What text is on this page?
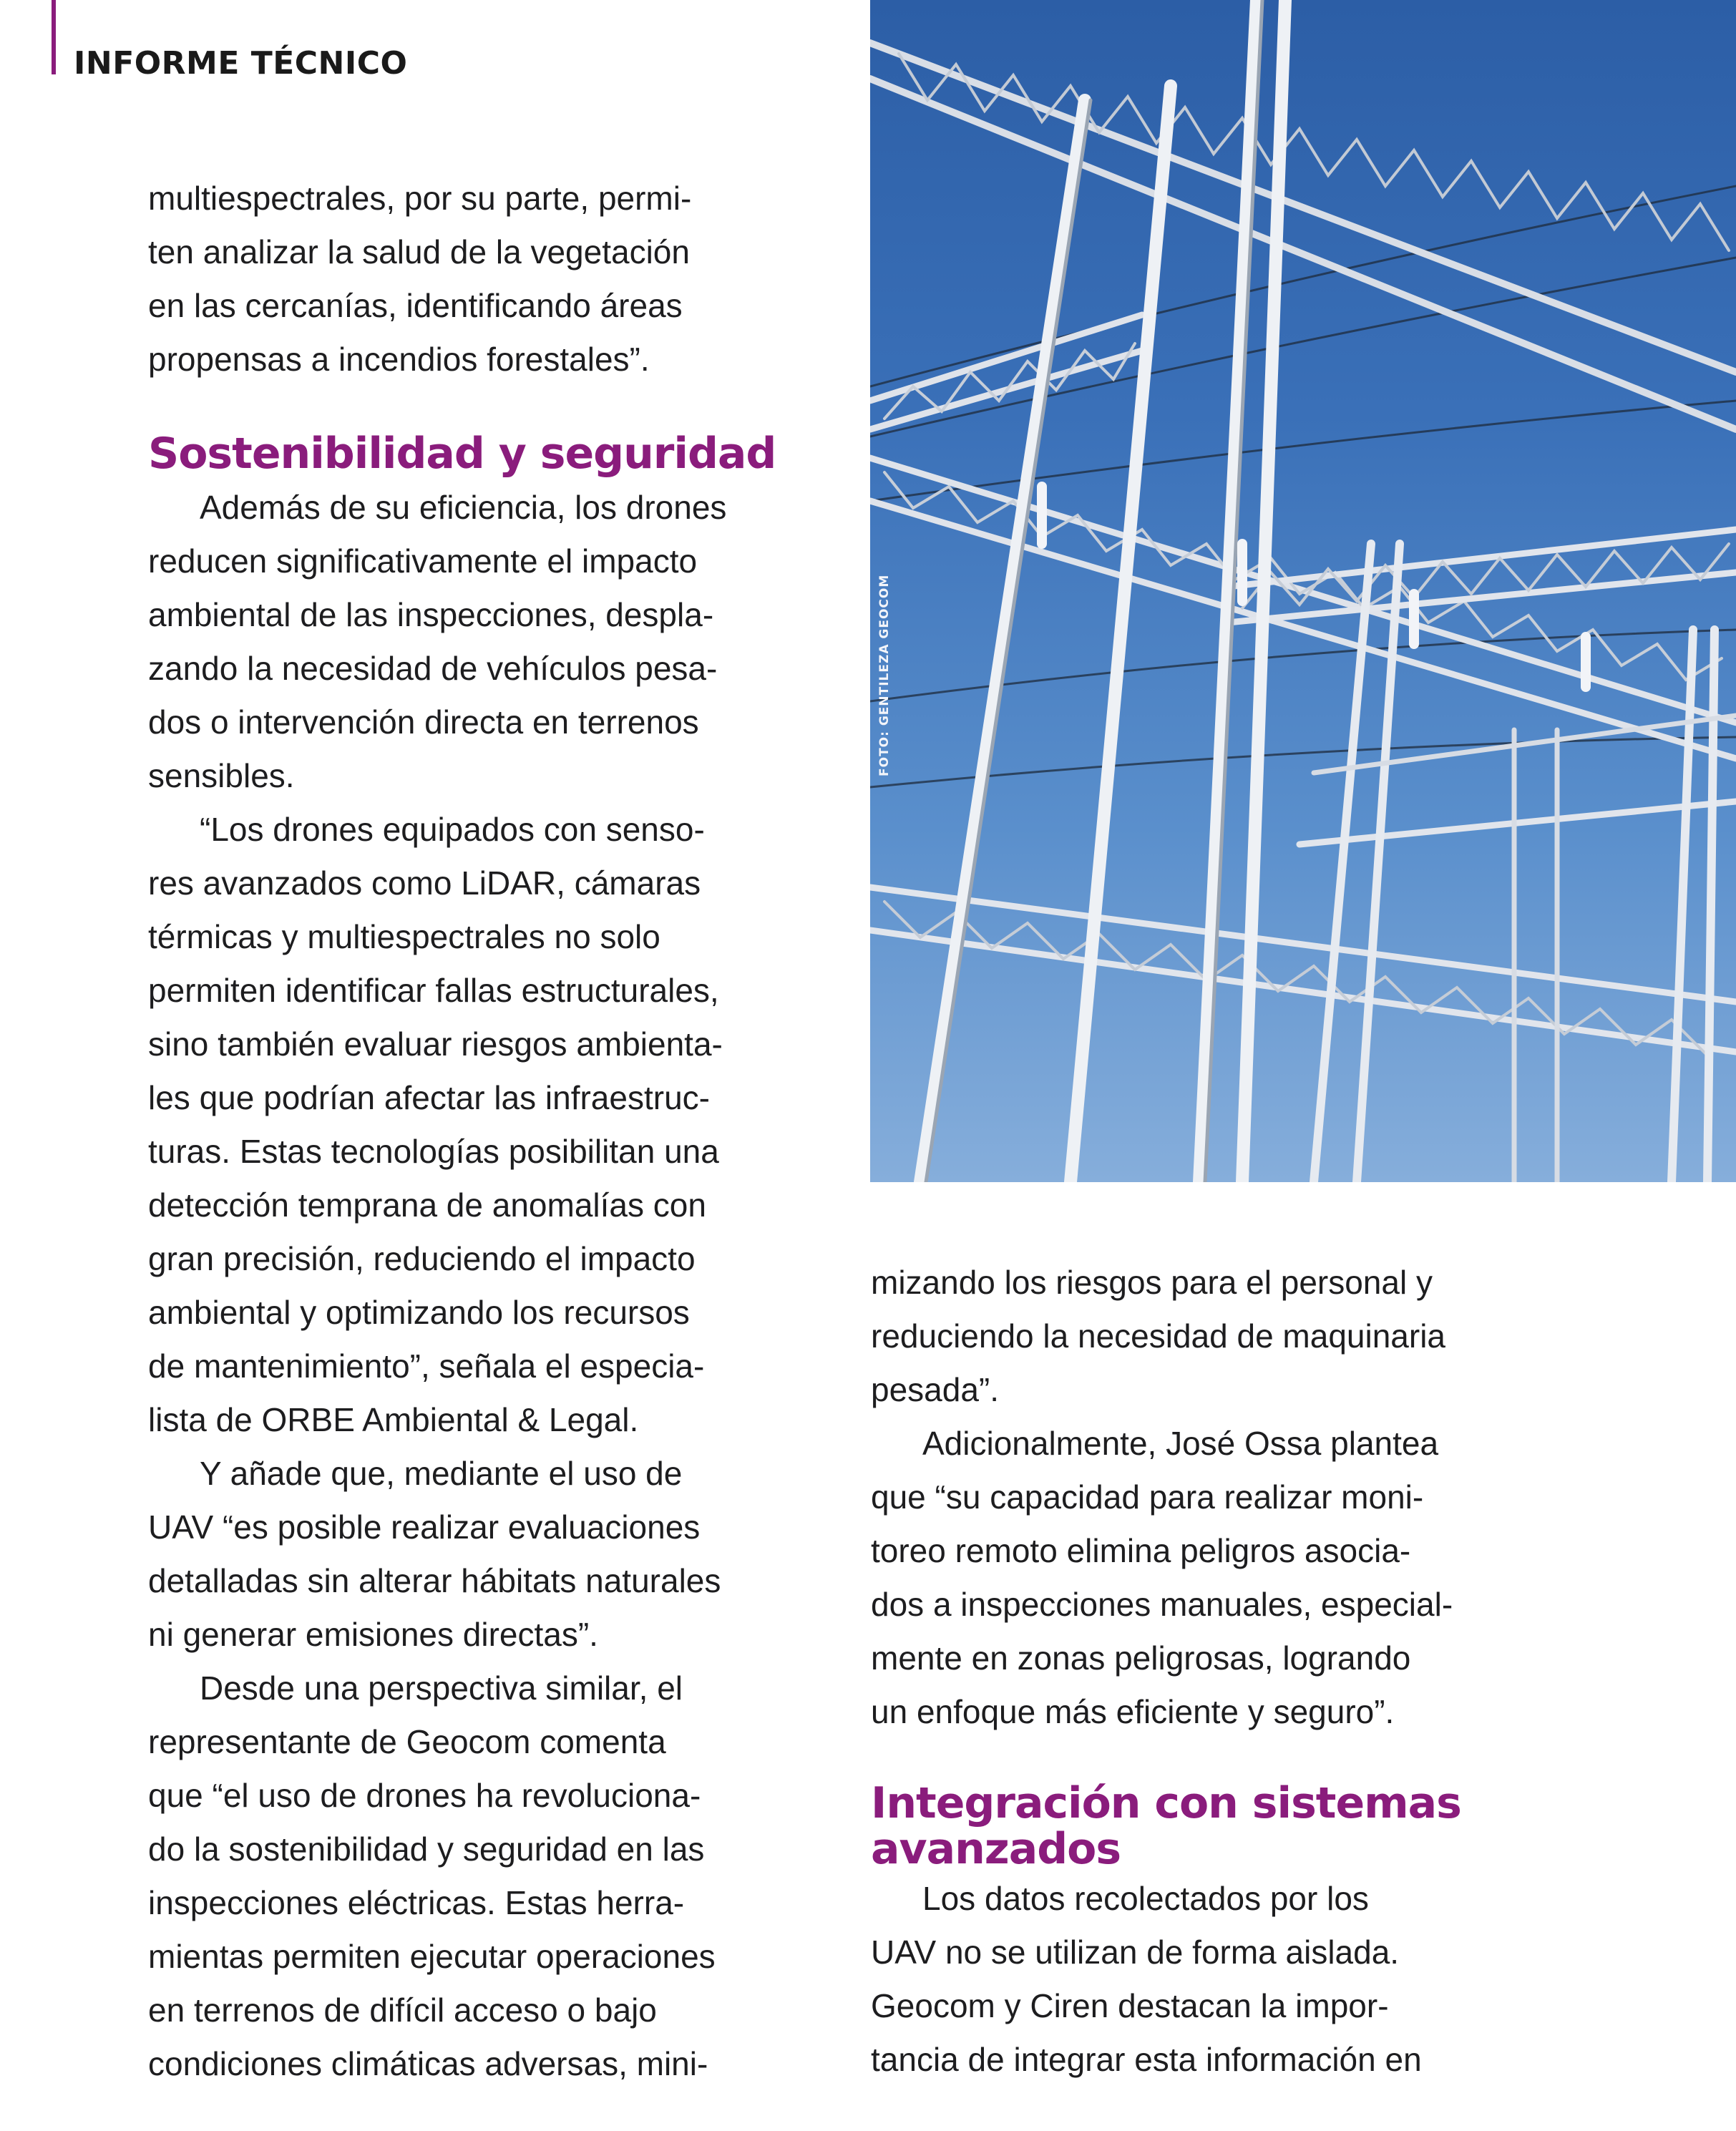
INFORME TÉCNICO
FOTO: GENTILEZA GEOCOM

multiespectrales, por su parte, permi-
ten analizar la salud de la vegetación
en las cercanías, identificando áreas
propensas a incendios forestales”.

Sostenibilidad y seguridad

Además de su eficiencia, los drones
reducen significativamente el impacto
ambiental de las inspecciones, despla-
zando la necesidad de vehículos pesa-
dos o intervención directa en terrenos
sensibles.

“Los drones equipados con senso-
res avanzados como LiDAR, cámaras
térmicas y multiespectrales no solo
permiten identificar fallas estructurales,
sino también evaluar riesgos ambienta-
les que podrían afectar las infraestruc-
turas. Estas tecnologías posibilitan una
detección temprana de anomalías con
gran precisión, reduciendo el impacto
ambiental y optimizando los recursos
de mantenimiento”, señala el especia-
lista de ORBE Ambiental & Legal.

Y añade que, mediante el uso de
UAV “es posible realizar evaluaciones
detalladas sin alterar hábitats naturales
ni generar emisiones directas”.

Desde una perspectiva similar, el
representante de Geocom comenta
que “el uso de drones ha revoluciona-
do la sostenibilidad y seguridad en las
inspecciones eléctricas. Estas herra-
mientas permiten ejecutar operaciones
en terrenos de difícil acceso o bajo
condiciones climáticas adversas, mini-

mizando los riesgos para el personal y
reduciendo la necesidad de maquinaria
pesada”.

Adicionalmente, José Ossa plantea
que “su capacidad para realizar moni-
toreo remoto elimina peligros asocia-
dos a inspecciones manuales, especial-
mente en zonas peligrosas, logrando
un enfoque más eficiente y seguro”.

Integración con sistemas
avanzados

Los datos recolectados por los
UAV no se utilizan de forma aislada.
Geocom y Ciren destacan la impor-
tancia de integrar esta información en
